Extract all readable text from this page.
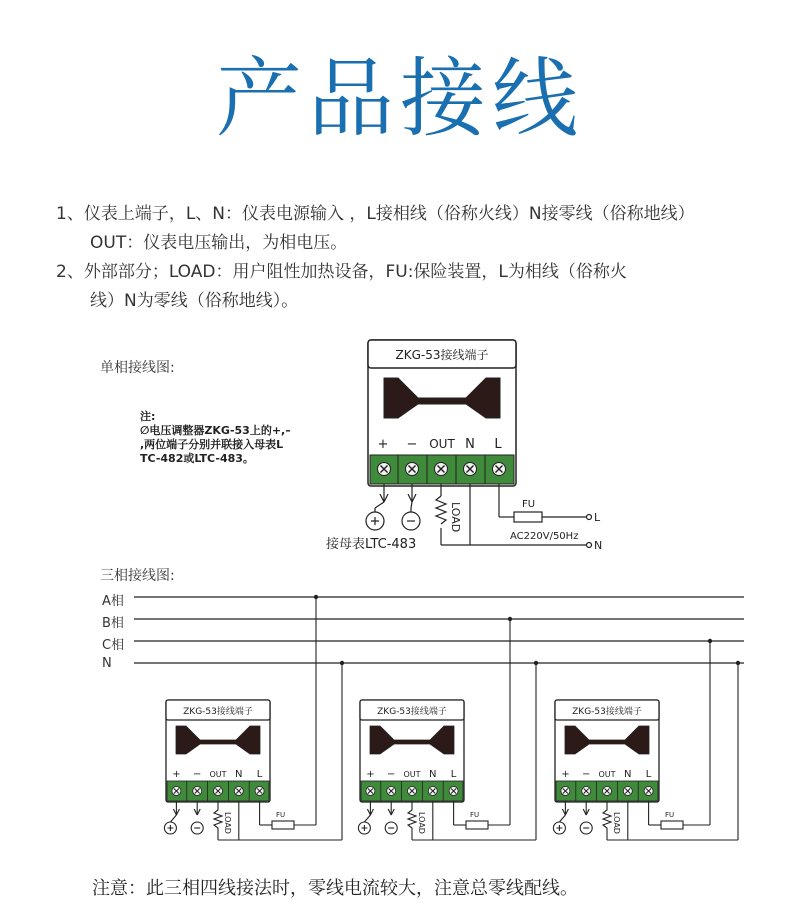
产品接线
1、仪表上端子，L、N：仪表电源输入 ，L接相线（俗称火线）N接零线（俗称地线）
OUT：仪表电压输出，为相电压。
2、外部部分；LOAD：用户阻性加热设备，FU:保险装置，L为相线（俗称火
线）N为零线（俗称地线）。
单相接线图:
注:
∅电压调整器ZKG-53上的+,–
,两位端子分别并联接入母表L
TC-482或LTC-483。
三相接线图:
A相
B相
C相
N
ZKG-53接线端子
+ − OUT N L
LOAD	FU
AC220V/50Hz
L
N
接母表LTC-483
ZKG-53接线端子
+ − OUT N L
LOAD	FU
ZKG-53接线端子
+ − OUT N L
LOAD	FU
ZKG-53接线端子
+ − OUT N L
LOAD	FU
注意：此三相四线接法时，零线电流较大，注意总零线配线。
